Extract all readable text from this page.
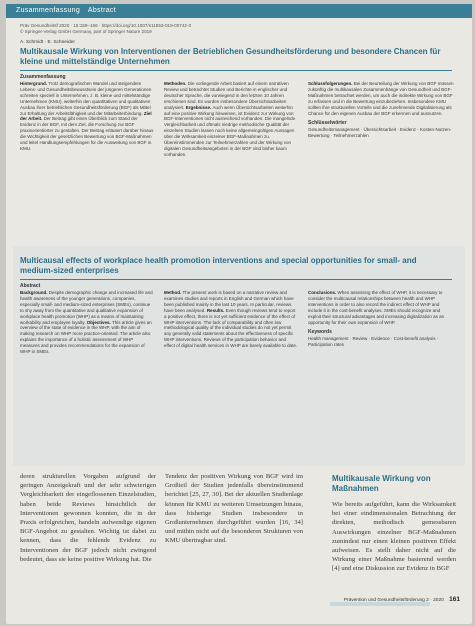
Zusammenfassung Abstract
Präv Gesundheitsf 2020 · 15:159–166 · https://doi.org/10.1007/s11553-019-00742-3
© Springer-Verlag GmbH Germany, part of Springer Nature 2019
A. Schmidt · E. Schneider
Multikausale Wirkung von Interventionen der Betrieblichen Gesundheitsförderung und besondere Chancen für kleine und mittelständige Unternehmen
Zusammenfassung
Hintergrund. Trotz demografischen Wandel und steigendem Lebens- und Gesundheitsbewusstsein der jüngeren Generationen schreiten speziell in Unternehmen, z. B. kleine und mittelständige Unternehmen (KMU), weiterhin den quantitativen und qualitativen Ausbau ihrer betrieblichen Gesundheitsförderung (BGF) als Mittel zur Erhaltung der Arbeitsfähigkeit und der Mitarbeiterbindung. Ziel der Arbeit. Der Beitrag gibt einen Überblick zum Stand der Evidenz in der BGF, mit dem Ziel, die Forschung zur BGF praxisorientierter zu gestalten. Der Beitrag erläutert darüber hinaus die Wichtigkeit der gesetzlichen Bewertung von BGF-Maßnahmen und leitet Handlungsempfehlungen für die Ausweitung von BGF in KMU.
Methoden. Die vorliegende Arbeit basiert auf einem narrativen Review und betrachtet Studien und Berichte in englischer und deutscher Sprache, die vorwiegend in den letzten 10 Jahren erschienen sind. Es wurden insbesondere Übersichtsarbeiten analysiert. Ergebnisse. Auch wenn Übersichtsarbeiten weiterhin auf eine positive Wirkung hinweisen, ist Evidenz zur Wirkung von BGF-Interventionen nicht ausreichend vorhanden. Die mangelnde Vergleichbarkeit und oftmals niedrige methodische Qualität der einzelnen Studien lassen noch keine allgemeingültigen Aussagen über die Wirksamkeit einzelner BGF-Maßnahmen zu. Übereinstimmenden zur Teilnehmerzahlen und der Wirkung von digitalen Gesundheitsangeboten in der BGF sind bisher kaum vorhanden.
Schlussfolgerungen. Bei der Beurteilung der Wirkung von BGF müssen zukünftig die multikausalen Zusammenhänge von Gesundheit und BGF-Maßnahmen betrachtet werden, um auch die indirekte Wirkung von BGF zu erfassen und in die Bewertung einzubeziehen. Insbesondere KMU sollten ihre strukturellen Vorteile und die zunehmende Digitalisierung als Chance für den eigenen Ausbau der BGF erkennen und ausnutzen.
Schlüsselwörter
Gesundheitsmanagement · Übersichtsarbeit · Evidenz · Kosten-Nutzen-Bewertung · Teilnehmerzahlen
Multicausal effects of workplace health promotion interventions and special opportunities for small- and medium-sized enterprises
Abstract
Background. Despite demographic change and increased life and health awareness of the younger generations, companies, especially small- and medium-sized enterprises (SMEs), continue to shy away from the quantitative and qualitative expansion of workplace health promotion (WHP) as a means of maintaining workability and employee loyalty. Objectives. This article gives an overview of the state of evidence in the WHP, with the aim of making research on WHP more practice-oriented. The article also explains the importance of a holistic assessment of WHP measures and provides recommendations for the expansion of WHP in SMEs.
Method. The present work is based on a narrative review and examines studies and reports in English and German which have been published mainly in the last 10 years. In particular, reviews have been analysed. Results. Even though reviews tend to report a positive effect, there is not yet sufficient evidence of the effect of WHP interventions. The lack of comparability and often low methodological quality of the individual studies do not yet permit any generally valid statements about the effectiveness of specific WHP interventions. Reviews of the participation behavior and effect of digital health services in WHP are barely available to date.
Conclusions. When assessing the effect of WHP, it is necessary to consider the multicausal relationships between health and WHP interventions in order to also record the indirect effect of WHP and include it in the cost-benefit analyses. SMEs should recognize and exploit their structural advantages and increasing digitalization as an opportunity for their own expansion of WHP.
Keywords
Health management · Review · Evidence · Cost-benefit analysis · Participation rates
deren strukturellen Vorgaben aufgrund der geringen Anzeigekraft und der sehr schwierigen Vergleichbarkeit der eingeflossenen Einzelstudien, haben beide Reviews hinsichtlich der Interventionen gewonnen konnten, die in der Praxis erfolgreichen, handeln aufwendige eigenen BGF-Angebot zu gestalten. Wichtig ist dabei zu kennen, dass die fehlende Evidenz zu Interventionen der BGF jedoch nicht zwingend bedeutet, dass sie keine positive Wirkung hat. Die
Tendenz der positiven Wirkung von BGF wird im Großteil der Studien jedenfalls übereinstimmend berichtet [25, 27, 30]. Bei der aktuellen Studienlage können für KMU zu weiteren Umsetzungen hinaus, dass bisherige Studien insbesondere in Großunternehmen durchgeführt wurden [16, 34] und mithin nicht auf die besonderen Strukturen von KMU übertragbar sind.
Multikausale Wirkung von Maßnahmen
Wie bereits aufgeführt, kann die Wirksamkeit bei einer eindimensionalen Betrachtung der direkten, methodisch gemessbaren Auswirkungen einzelner BGF-Maßnahmen zumindest nur einen kleinen positiven Effekt aufweisen. Es stellt daher nicht auf die Wirkung einer Maßnahme basierend werden [4] und eine Diskussion zur Evidenz in BGF
Prävention und Gesundheitsförderung 2 · 2020 161
